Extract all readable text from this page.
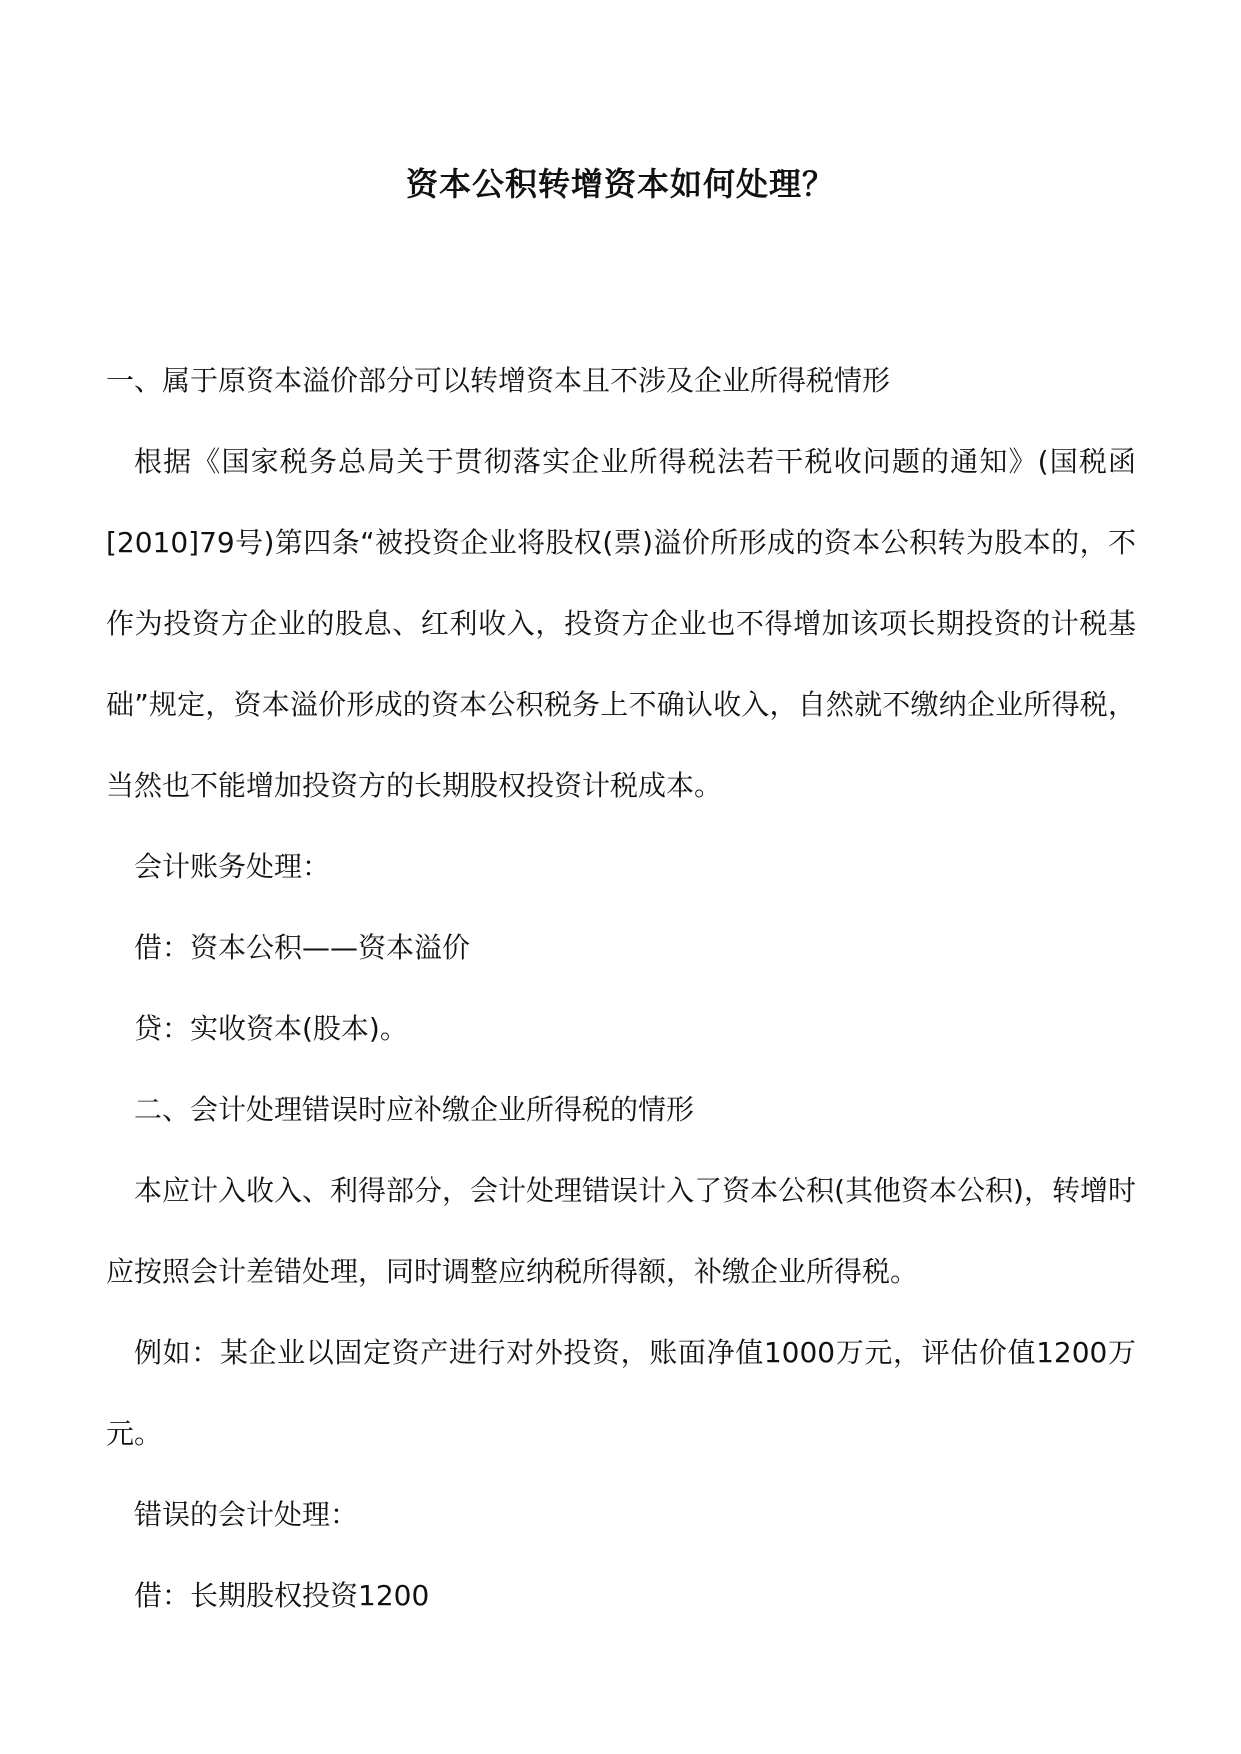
资本公积转增资本如何处理？

一、属于原资本溢价部分可以转增资本且不涉及企业所得税情形

根据《国家税务总局关于贯彻落实企业所得税法若干税收问题的通知》(国税函[2010]79号)第四条“被投资企业将股权(票)溢价所形成的资本公积转为股本的，不作为投资方企业的股息、红利收入，投资方企业也不得增加该项长期投资的计税基础”规定，资本溢价形成的资本公积税务上不确认收入，自然就不缴纳企业所得税，当然也不能增加投资方的长期股权投资计税成本。

会计账务处理：

借：资本公积——资本溢价

贷：实收资本(股本)。

二、会计处理错误时应补缴企业所得税的情形

本应计入收入、利得部分，会计处理错误计入了资本公积(其他资本公积)，转增时应按照会计差错处理，同时调整应纳税所得额，补缴企业所得税。

例如：某企业以固定资产进行对外投资，账面净值1000万元，评估价值1200万元。

错误的会计处理：

借：长期股权投资1200
